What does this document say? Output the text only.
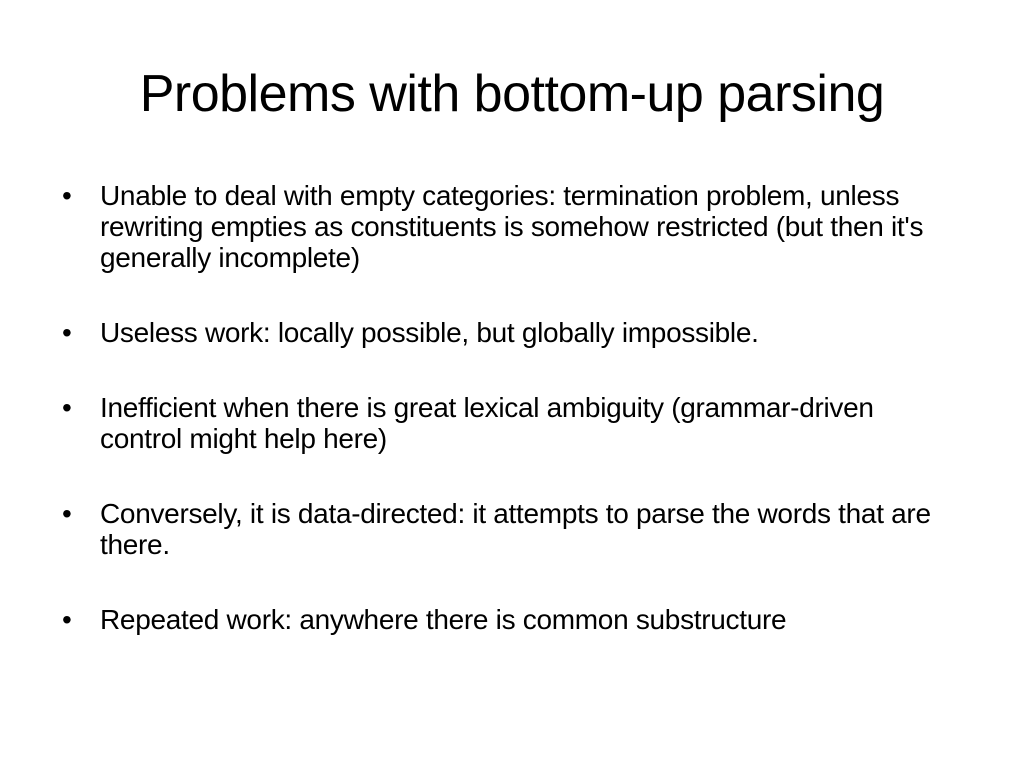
Problems with bottom-up parsing
•	Unable to deal with empty categories: termination problem, unless rewriting empties as constituents is somehow restricted (but then it's generally incomplete)
•	Useless work: locally possible, but globally impossible.
•	Inefficient when there is great lexical ambiguity (grammar-driven control might help here)
•	Conversely, it is data-directed: it attempts to parse the words that are there.
•	Repeated work: anywhere there is common substructure
